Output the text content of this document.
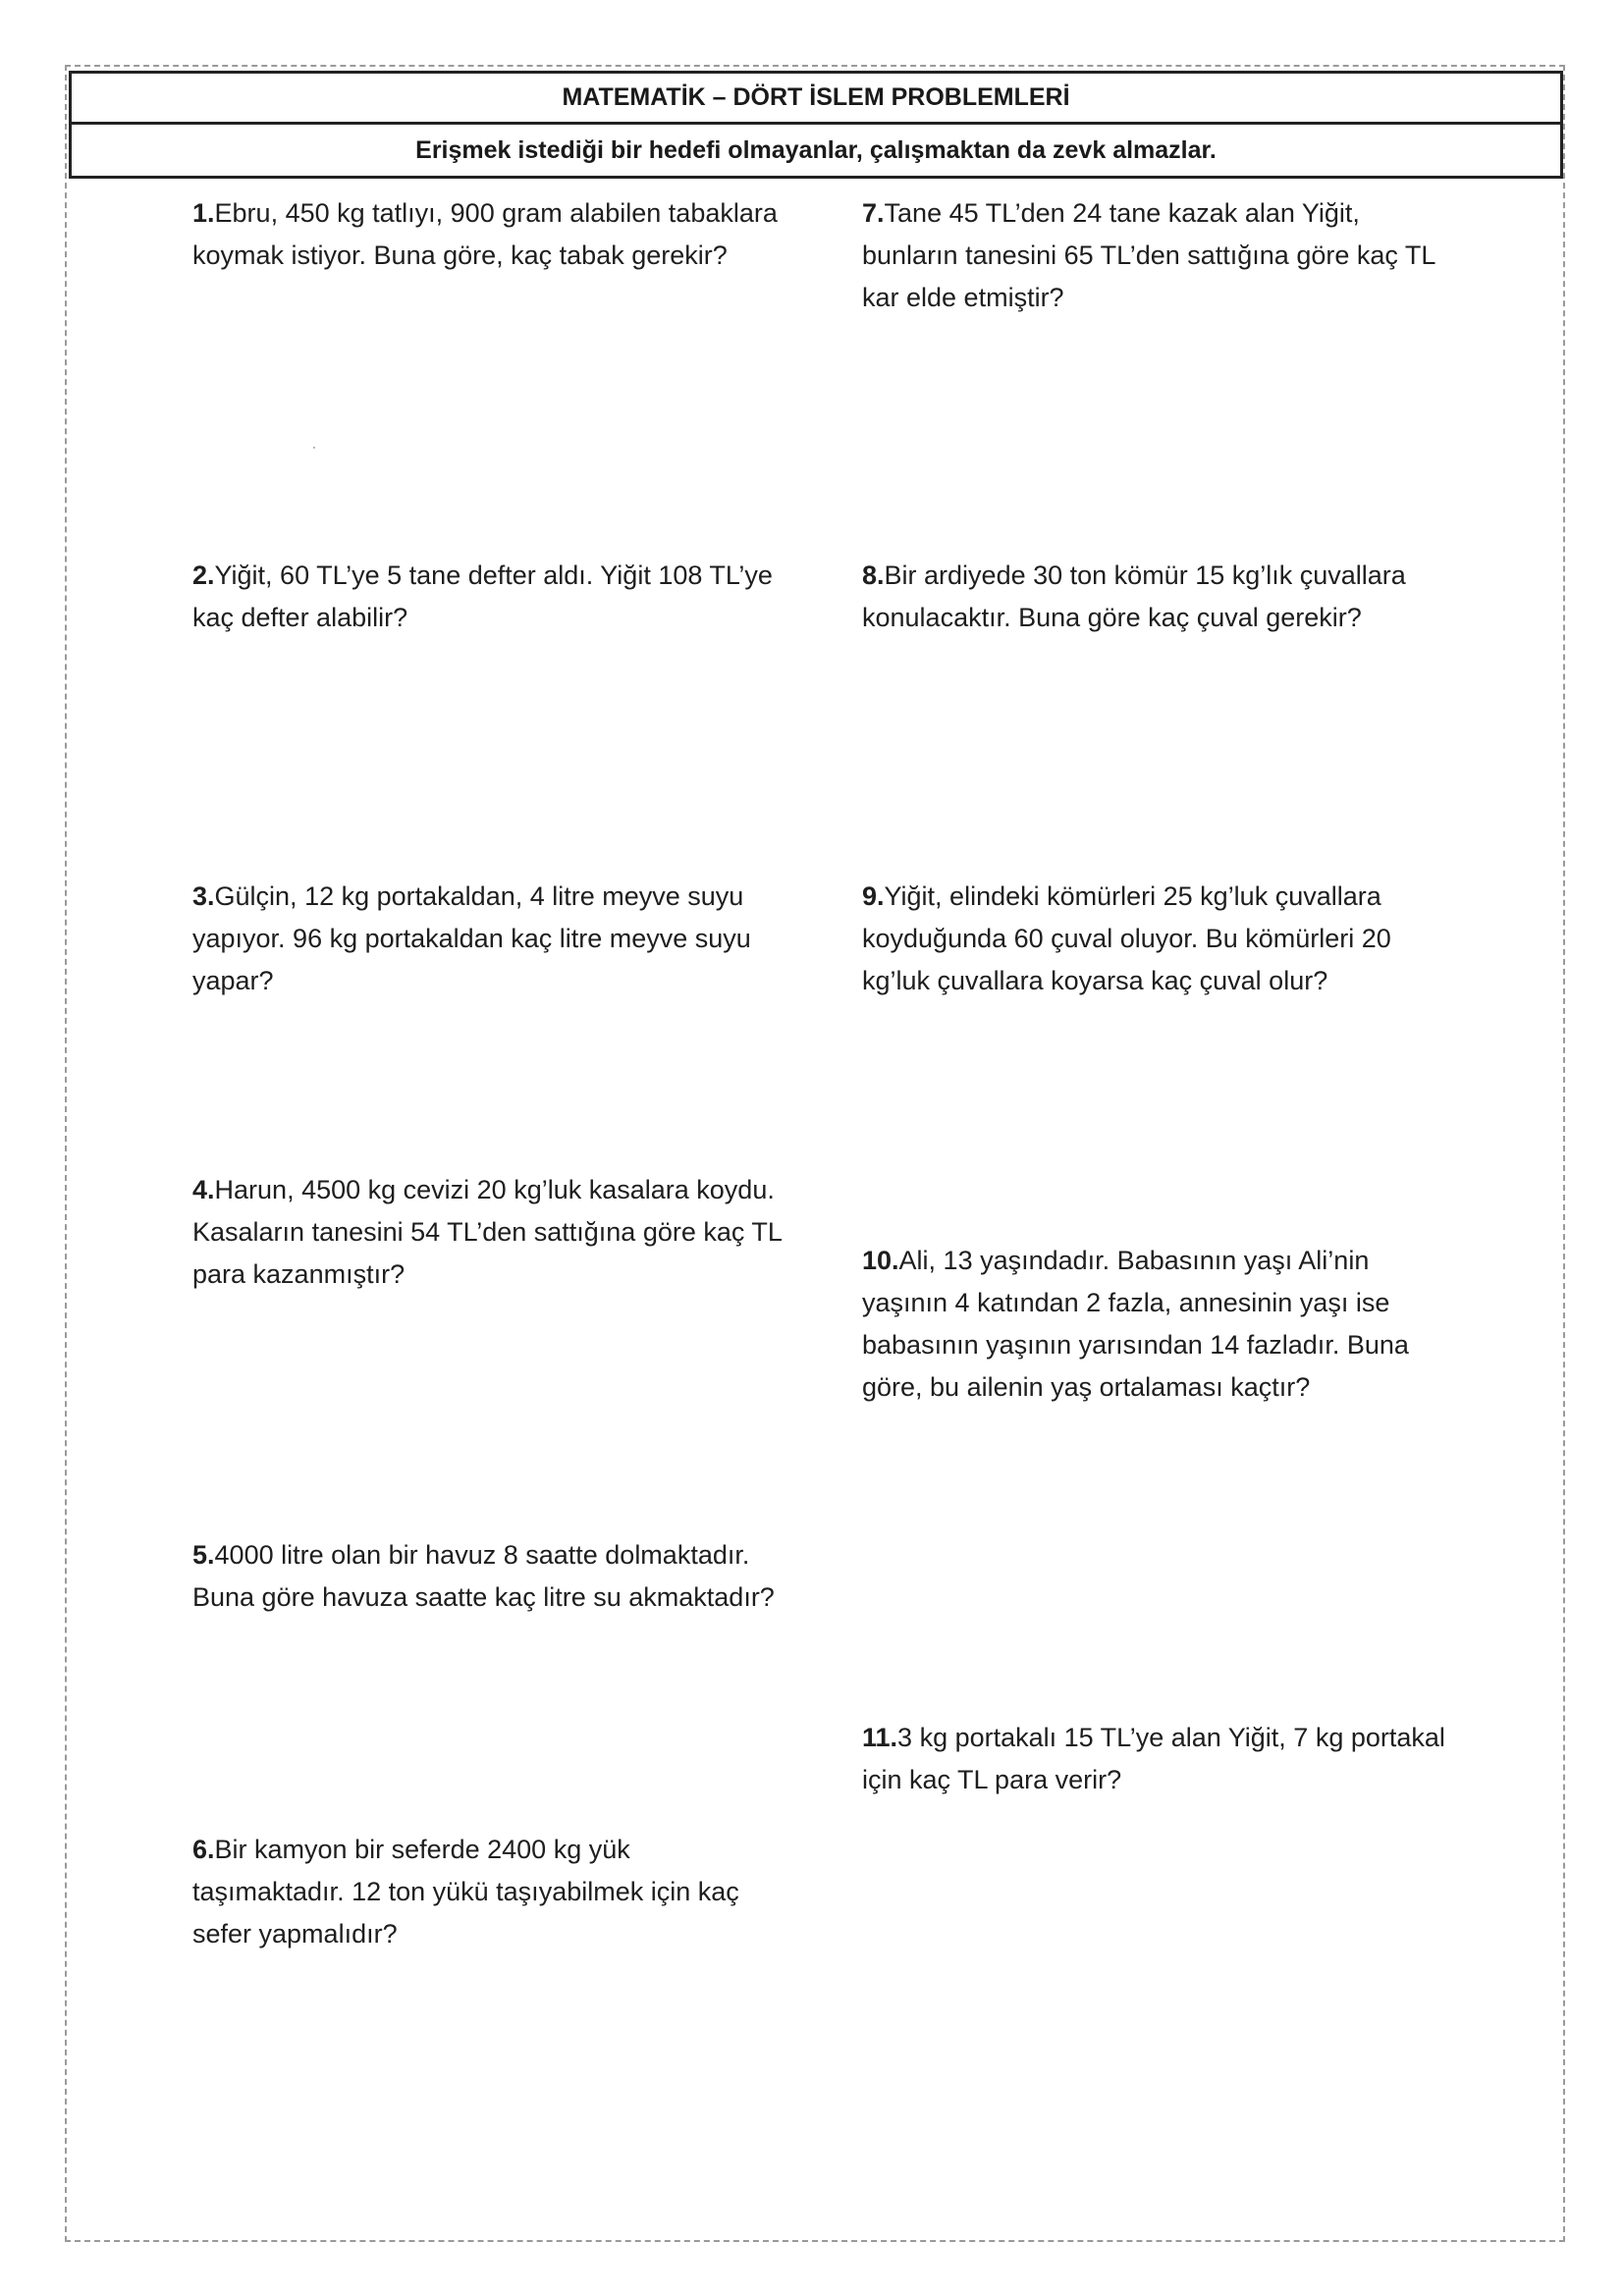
MATEMATİK – DÖRT İSLEM PROBLEMLERİ
Erişmek istediği bir hedefi olmayanlar, çalışmaktan da zevk almazlar.
1.Ebru, 450 kg tatlıyı, 900 gram alabilen tabaklara koymak istiyor. Buna göre, kaç tabak gerekir?
2.Yiğit, 60 TL’ye 5 tane defter aldı. Yiğit 108 TL’ye kaç defter alabilir?
3.Gülçin, 12 kg portakaldan, 4 litre meyve suyu yapıyor. 96 kg portakaldan kaç litre meyve suyu yapar?
4.Harun, 4500 kg cevizi 20 kg’luk kasalara koydu. Kasaların tanesini 54 TL’den sattığına göre kaç TL para kazanmıştır?
5.4000 litre olan bir havuz 8 saatte dolmaktadır. Buna göre havuza saatte kaç litre su akmaktadır?
6.Bir kamyon bir seferde 2400 kg yük taşımaktadır. 12 ton yükü taşıyabilmek için kaç sefer yapmalıdır?
7.Tane 45 TL’den 24 tane kazak alan Yiğit, bunların tanesini 65 TL’den sattığına göre kaç TL kar elde etmiştir?
8.Bir ardiyede 30 ton kömür 15 kg’lık çuvallara konulacaktır. Buna göre kaç çuval gerekir?
9.Yiğit, elindeki kömürleri 25 kg’luk çuvallara koyduğunda 60 çuval oluyor. Bu kömürleri 20 kg’luk çuvallara koyarsa kaç çuval olur?
10.Ali, 13 yaşındadır. Babasının yaşı Ali’nin yaşının 4 katından 2 fazla, annesinin yaşı ise babasının yaşının yarısından 14 fazladır. Buna göre, bu ailenin yaş ortalaması kaçtır?
11.3 kg portakalı 15 TL’ye alan Yiğit, 7 kg portakal için kaç TL para verir?
